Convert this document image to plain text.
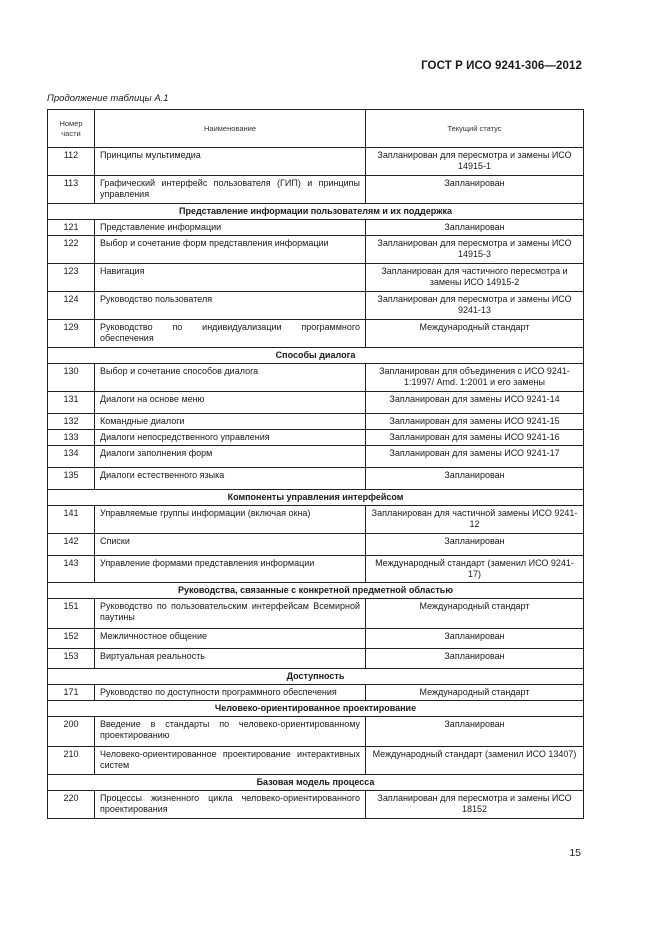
ГОСТ Р ИСО 9241-306—2012
Продолжение таблицы А.1
Номер части	Наименование	Текущий статус
112	Принципы мультимедиа	Запланирован для пересмотра и замены ИСО 14915-1
113	Графический интерфейс пользователя (ГИП) и принципы управления	Запланирован
Представление информации пользователям и их поддержка		
121	Представление информации	Запланирован
122	Выбор и сочетание форм представления информации	Запланирован для пересмотра и замены ИСО 14915-3
123	Навигация	Запланирован для частичного пересмотра и замены ИСО 14915-2
124	Руководство пользователя	Запланирован для пересмотра и замены ИСО 9241-13
129	Руководство по индивидуализации программного обеспечения	Международный стандарт
Способы диалога		
130	Выбор и сочетание способов диалога	Запланирован для объединения с ИСО 9241-1:1997/ Amd. 1:2001 и его замены
131	Диалоги на основе меню	Запланирован для замены ИСО 9241-14
132	Командные диалоги	Запланирован для замены ИСО 9241-15
133	Диалоги непосредственного управления	Запланирован для замены ИСО 9241-16
134	Диалоги заполнения форм	Запланирован для замены ИСО 9241-17
135	Диалоги естественного языка	Запланирован
Компоненты управления интерфейсом		
141	Управляемые группы информации (включая окна)	Запланирован для частичной замены ИСО 9241-12
142	Списки	Запланирован
143	Управление формами представления информации	Международный стандарт (заменил ИСО 9241-17)
Руководства, связанные с конкретной предметной областью		
151	Руководство по пользовательским интерфейсам Всемирной паутины	Международный стандарт
152	Межличностное общение	Запланирован
153	Виртуальная реальность	Запланирован
Доступность		
171	Руководство по доступности программного обеспечения	Международный стандарт
Человеко-ориентированное проектирование		
200	Введение в стандарты по человеко-ориентированному проектированию	Запланирован
210	Человеко-ориентированное проектирование интерактивных систем	Международный стандарт (заменил ИСО 13407)
Базовая модель процесса		
220	Процессы жизненного цикла человеко-ориентированного проектирования	Запланирован для пересмотра и замены ИСО 18152
15
